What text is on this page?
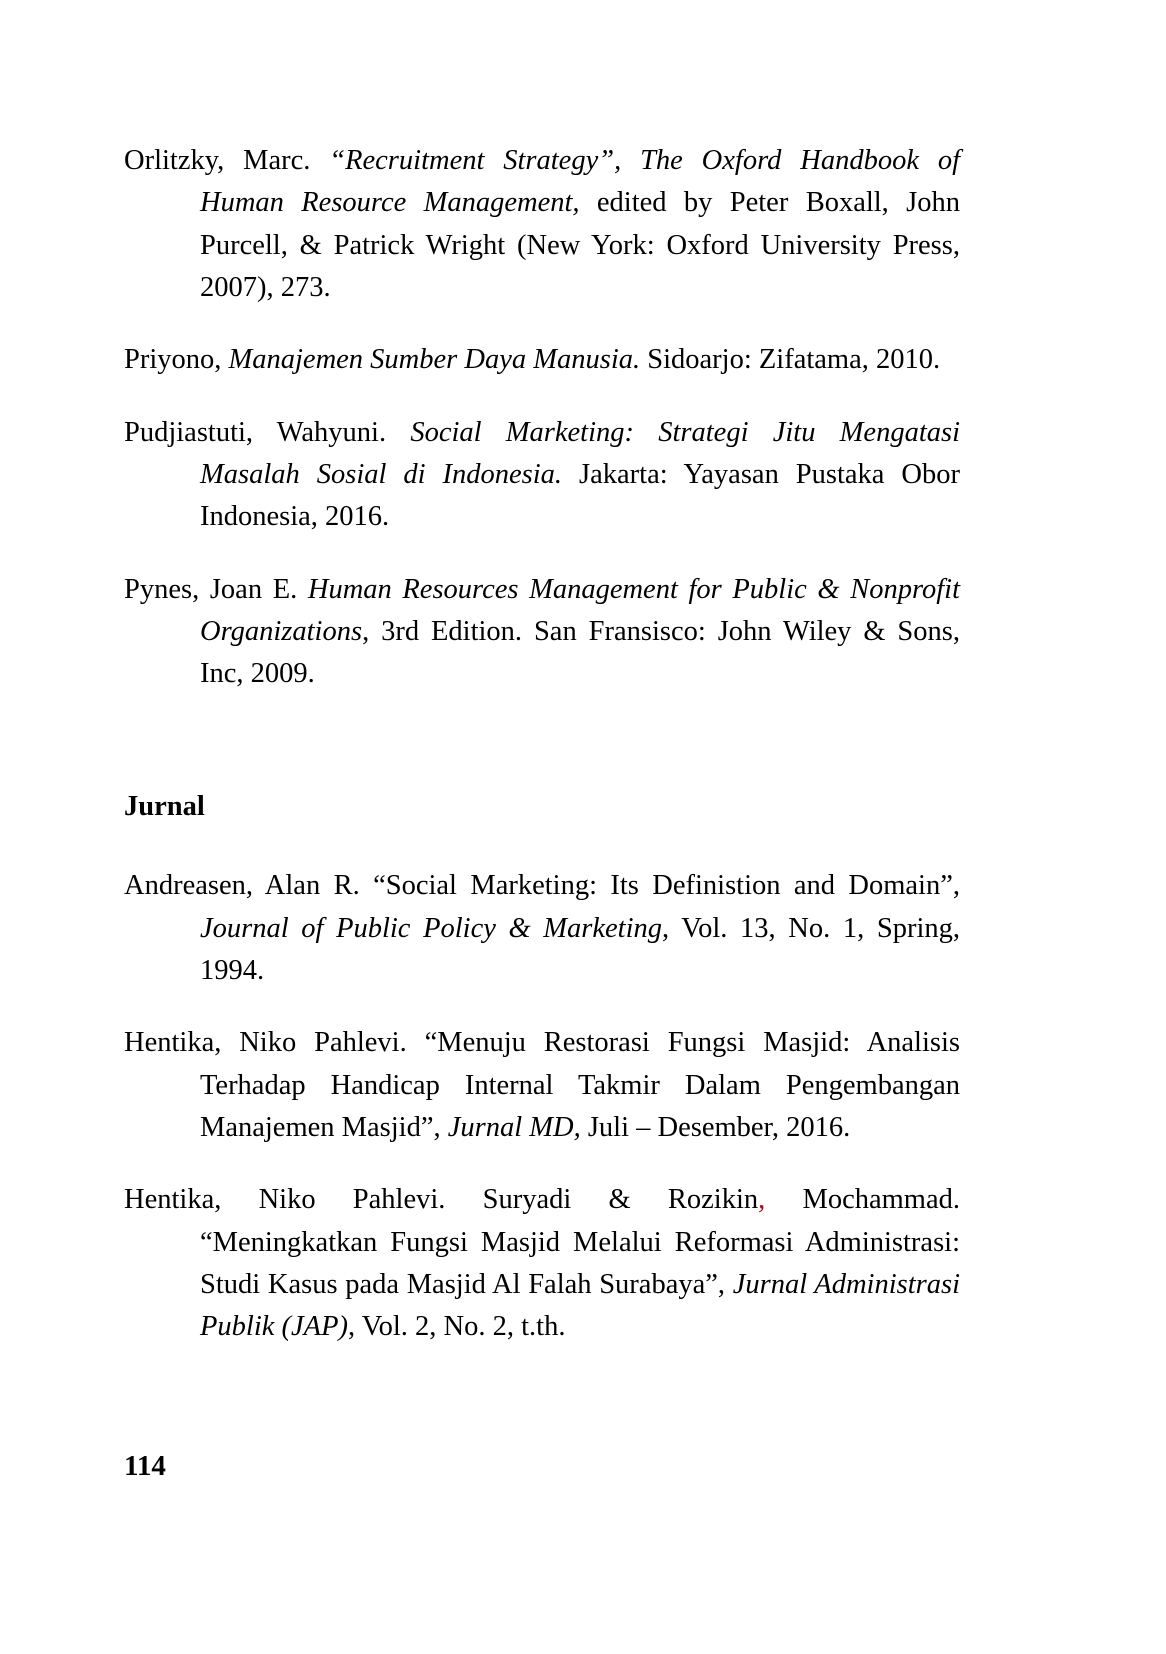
Orlitzky, Marc. “Recruitment Strategy”, The Oxford Handbook of Human Resource Management, edited by Peter Boxall, John Purcell, & Patrick Wright (New York: Oxford University Press, 2007), 273.

Priyono, Manajemen Sumber Daya Manusia. Sidoarjo: Zifatama, 2010.

Pudjiastuti, Wahyuni. Social Marketing: Strategi Jitu Mengatasi Masalah Sosial di Indonesia. Jakarta: Yayasan Pustaka Obor Indonesia, 2016.

Pynes, Joan E. Human Resources Management for Public & Nonprofit Organizations, 3rd Edition. San Fransisco: John Wiley & Sons, Inc, 2009.

Jurnal

Andreasen, Alan R. “Social Marketing: Its Definistion and Domain”, Journal of Public Policy & Marketing, Vol. 13, No. 1, Spring, 1994.

Hentika, Niko Pahlevi. “Menuju Restorasi Fungsi Masjid: Analisis Terhadap Handicap Internal Takmir Dalam Pengembangan Manajemen Masjid”, Jurnal MD, Juli – Desember, 2016.

Hentika, Niko Pahlevi. Suryadi & Rozikin, Mochammad. “Meningkatkan Fungsi Masjid Melalui Reformasi Administrasi: Studi Kasus pada Masjid Al Falah Surabaya”, Jurnal Administrasi Publik (JAP), Vol. 2, No. 2, t.th.

114
